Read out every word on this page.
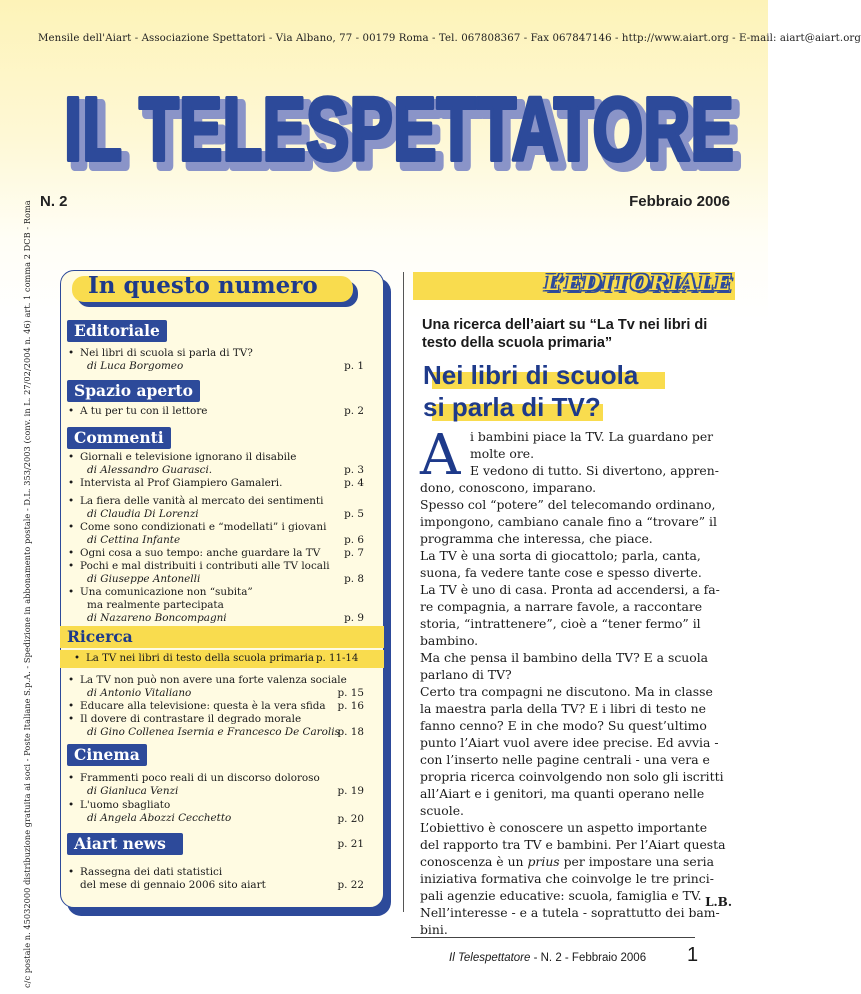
c/c postale n. 45032000 distribuzione gratuita ai soci - Poste Italiane S.p.A. - Spedizione in abbonamento postale - D.L. 353/2003 (conv. in L. 27/02/2004 n. 46) art. 1 comma 2 DCB - Roma
Mensile dell'Aiart - Associazione Spettatori - Via Albano, 77 - 00179 Roma - Tel. 067808367 - Fax 067847146 - http://www.aiart.org - E-mail: aiart@aiart.org
IL TELESPETTATORE
IL TELESPETTATORE
N. 2	Febbraio 2006
In questo numero
Editoriale
• Nei libri di scuola si parla di TV?
di Luca Borgomeo	p. 1
Spazio aperto
• A tu per tu con il lettore	p. 2
Commenti
• Giornali e televisione ignorano il disabile
di Alessandro Guarasci.	p. 3
• Intervista al Prof Giampiero Gamaleri.	p. 4
• La fiera delle vanità al mercato dei sentimenti
di Claudia Di Lorenzi	p. 5
• Come sono condizionati e “modellati” i giovani
di Cettina Infante	p. 6
• Ogni cosa a suo tempo: anche guardare la TV p. 7
• Pochi e mal distribuiti i contributi alle TV locali
di Giuseppe Antonelli	p. 8
• Una comunicazione non “subita”
ma realmente partecipata
di Nazareno Boncompagni	p. 9
Ricerca
• La TV nei libri di testo della scuola primaria p. 11-14
• La TV non può non avere una forte valenza sociale
di Antonio Vitaliano	p. 15
• Educare alla televisione: questa è la vera sfida p. 16
• Il dovere di contrastare il degrado morale
di Gino Collenea Isernia e Francesco De Carolis
p. 18
Cinema
• Frammenti poco reali di un discorso doloroso
di Gianluca Venzi	p. 19
• L'uomo sbagliato
di Angela Abozzi Cecchetto	p. 20
Aiart news	p. 21
• Rassegna dei dati statistici
del mese di gennaio 2006 sito aiart	p. 22
L’EDITORIALE
Una ricerca dell’aiart su “La Tv nei libri di testo della scuola primaria”
Nei libri di scuola
si parla di TV?
A i bambini piace la TV. La guardano per
molte ore.
E vedono di tutto. Si divertono, appren-
dono, conoscono, imparano.
Spesso col “potere” del telecomando ordinano,
impongono, cambiano canale fino a “trovare” il
programma che interessa, che piace.
La TV è una sorta di giocattolo; parla, canta,
suona, fa vedere tante cose e spesso diverte.
La TV è uno di casa. Pronta ad accendersi, a fa-
re compagnia, a narrare favole, a raccontare
storia, “intrattenere”, cioè a “tener fermo” il
bambino.
Ma che pensa il bambino della TV? E a scuola
parlano di TV?
Certo tra compagni ne discutono. Ma in classe
la maestra parla della TV? E i libri di testo ne
fanno cenno? E in che modo? Su quest’ultimo
punto l’Aiart vuol avere idee precise. Ed avvia -
con l’inserto nelle pagine centrali - una vera e
propria ricerca coinvolgendo non solo gli iscritti
all’Aiart e i genitori, ma quanti operano nelle
scuole.
L’obiettivo è conoscere un aspetto importante
del rapporto tra TV e bambini. Per l’Aiart questa
conoscenza è un prius per impostare una seria
iniziativa formativa che coinvolge le tre princi-
pali agenzie educative: scuola, famiglia e TV.
Nell’interesse - e a tutela - soprattutto dei bam-
bini.
L.B.
Il Telespettatore - N. 2 - Febbraio 2006 1
